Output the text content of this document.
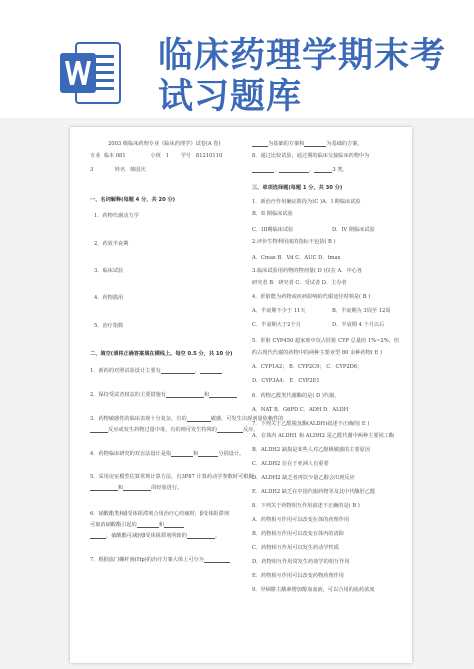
临床药理学期末考
试习题库
2003 级临床药理专业《临床药理学》试卷(A 卷)
专业 临本 081	小班 1 学号 81210110
3	姓名 韩国庆
一、名词解释(每题 4 分，共 20 分)
1．药物代谢动力学
2．药效半衰期
3．临床试验
4．药物滥用
5．治疗指数
二、填空(请将正确答案填在横线上。每空 0.5 分，共 10 分)
1．新药的对照试验设计主要有	、
2．保持受试者权益的主要措施有	和
3．药物敏感性的临床表现十分复杂，有的	敏感，可发生出现剂量依赖性的
反应或发生药物过量中毒，有的则可发生特殊的	反应。
4．药物临床研究的双盲法设计是指	和	分别设计。
5．采用房室模型估算常规计算方法，有3P87 计算药动学参数时可根据
和	的经验进行。
6．硝酸酯类和β受体阻滞剂合用治疗心绞痛时，β受体阻滞剂
可取消硝酸酯引起的	和
，硝酸酯可减轻β受体阻滞剂所致的	。
7．根据血门螺杆菌(Hp)的治疗方案大体上可分为
为基础的方案和	为基础的方案。
8．通过比较试验，通过期的临床交接临床药物中为
、	、	3 类。
三、单项选择题(每题 1 分，共 30 分)
1．新治疗作用确证阶段为(C )A．I 期临床试验
B．II 期临床试验
C．III期临床试验	D．IV 期临床试验
2.评价生物利用度的指标不包括( B )
A．Cmax B．Vd C．AUC D．tmax
3.临床试验用药物的物剂量( D )仅在 A．中心各
研究者 B．研究者 C．受试者 D．主办者
4．肝脏能为药物或疾病影响的代谢途径时频是( B )
A．半衰期不少于 11天	B．半衰期为 3周至 12周
C．半衰期大于2个月	D．半衰期 4 个月以后
5．肝脏 CYP450 超家族中仅占肝脏 CYP 总量的 1%~2%，但
约占现代代谢的药物中的两种主要亚型 80 余种药物( E )
A．CYP1A2； B．CYP2C9； C．CYP2D6；
D．CYP3A4； E．CYP2E1
6．药物乙醛类代谢酶的是( D )代谢。
A．NAT B．G6PD C．ADH D．ALDH
7．下列关于乙醛脱氢酶(ALDH)叙述不正确的( E )
A．在体内 ALDH1 和 ALDH2 是乙醛代谢中两种主要同工酶
B．ALDH2 缺损是某些人对乙醇极敏感的主要原因
C．ALDH2 位在于亚洲人有重要
D．ALDH2 缺乏者再饮少量乙醇会出现反应
E．ALDH2 缺乏在中国代谢药物等及其中代酶肝乙醛
8．下列关于药物相互作用叙述不正确的是( B )
A．药物相互作用可以改变在体的药理作用
B．药物相互作用可以改变在体内的清除
C．药物相互作用可以发生药动学性质
D．药物相互作用常发生药效学的相互作用
E．药物相互作用可以改变药物药理作用
9．异烟肼主酸素增加醇血血液，可以合用的血药浓度
